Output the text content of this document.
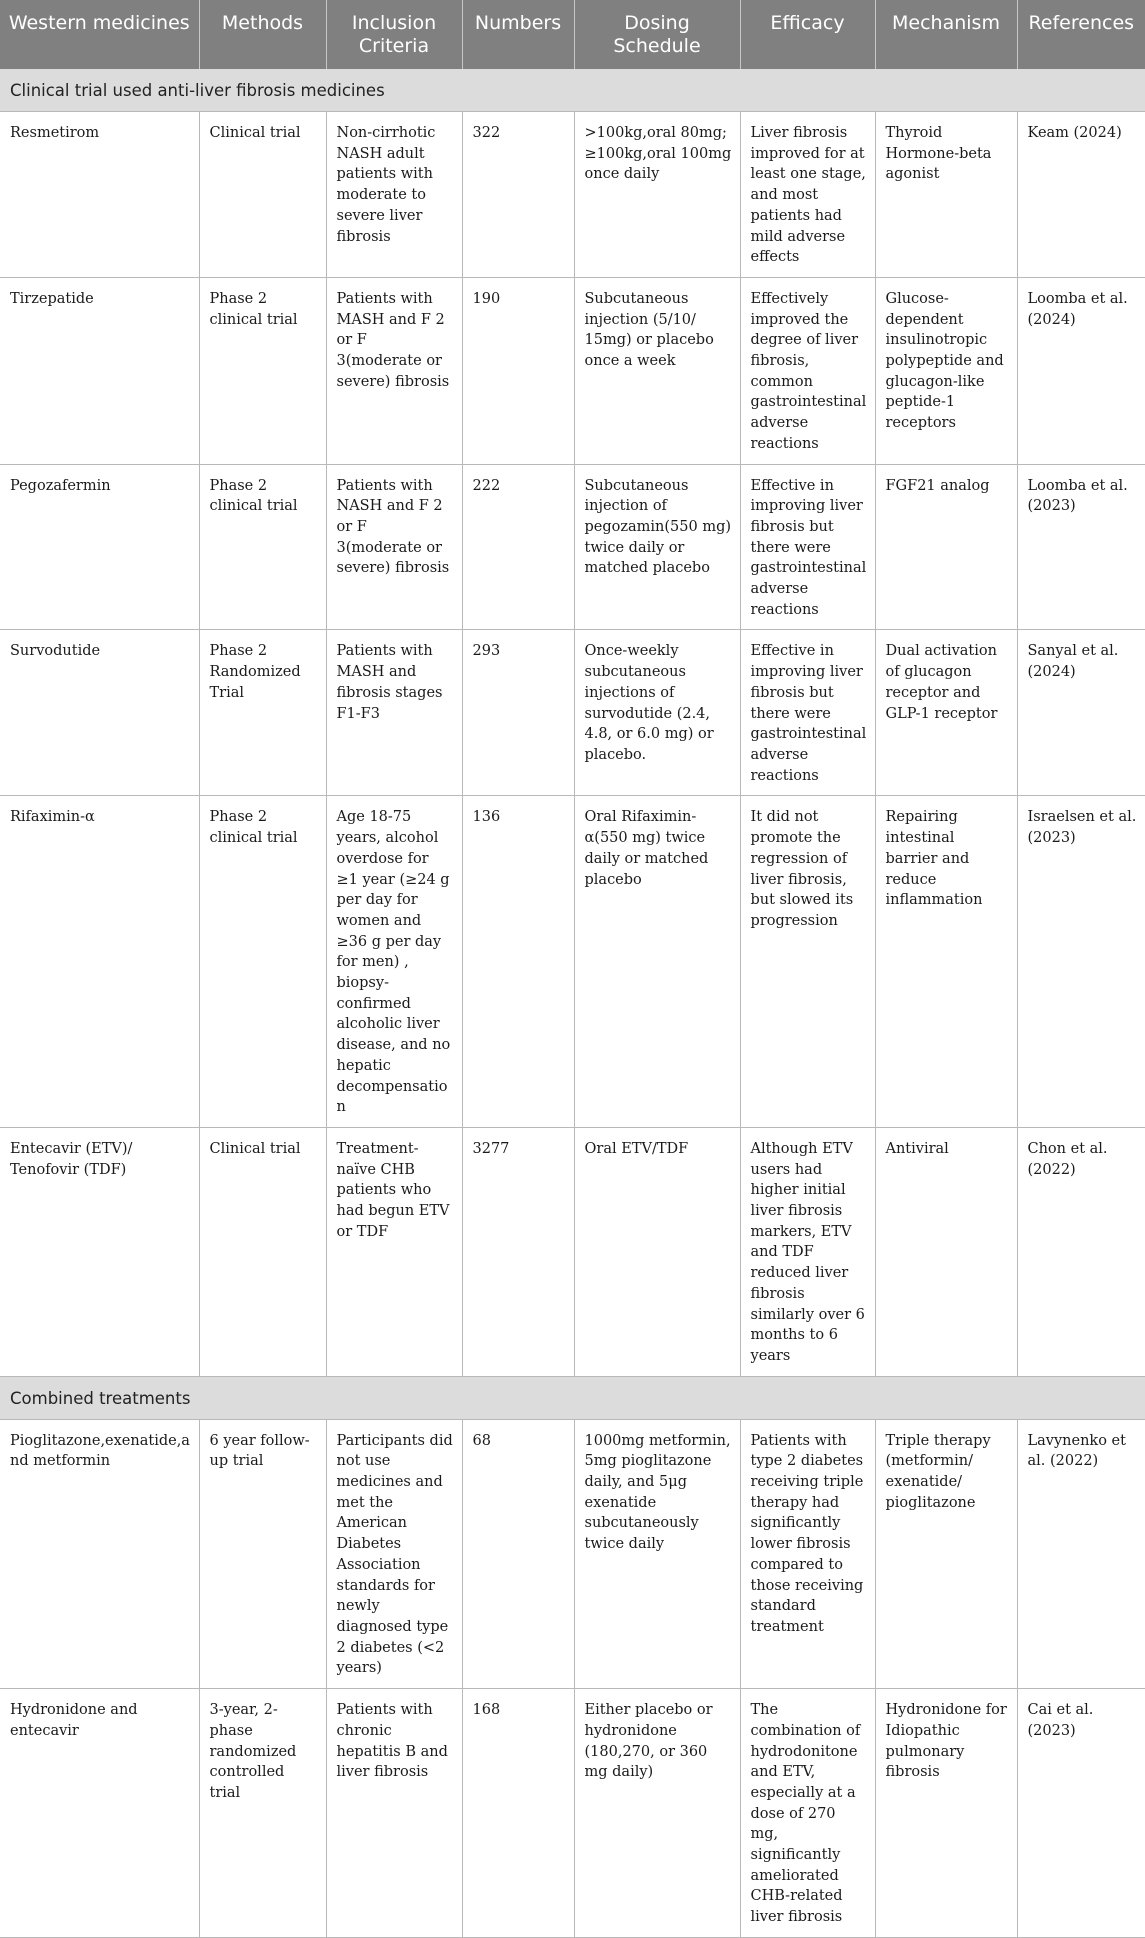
Western medicines	Methods	Inclusion Criteria	Numbers	Dosing Schedule	Efficacy	Mechanism	References
Clinical trial used anti-liver fibrosis medicines							
Resmetirom	Clinical trial	Non-cirrhotic NASH adult patients with moderate to severe liver fibrosis	322	>100kg,oral 80mg; ≥100kg,oral 100mg once daily	Liver fibrosis improved for at least one stage, and most patients had mild adverse effects	Thyroid Hormone-beta agonist	Keam (2024)
Tirzepatide	Phase 2 clinical trial	Patients with MASH and F 2 or F 3(moderate or severe) fibrosis	190	Subcutaneous injection (5/10/ 15mg) or placebo once a week	Effectively improved the degree of liver fibrosis, common gastrointestinal adverse reactions	Glucose-dependent insulinotropic polypeptide and glucagon-like peptide-1 receptors	Loomba et al. (2024)
Pegozafermin	Phase 2 clinical trial	Patients with NASH and F 2 or F 3(moderate or severe) fibrosis	222	Subcutaneous injection of pegozamin(550 mg) twice daily or matched placebo	Effective in improving liver fibrosis but there were gastrointestinal adverse reactions	FGF21 analog	Loomba et al. (2023)
Survodutide	Phase 2 Randomized Trial	Patients with MASH and fibrosis stages F1-F3	293	Once-weekly subcutaneous injections of survodutide (2.4, 4.8, or 6.0 mg) or placebo.	Effective in improving liver fibrosis but there were gastrointestinal adverse reactions	Dual activation of glucagon receptor and GLP-1 receptor	Sanyal et al. (2024)
Rifaximin-α	Phase 2 clinical trial	Age 18-75 years, alcohol overdose for ≥1 year (≥24 g per day for women and ≥36 g per day for men) , biopsy-confirmed alcoholic liver disease, and no hepatic decompensation	136	Oral Rifaximin-α(550 mg) twice daily or matched placebo	It did not promote the regression of liver fibrosis, but slowed its progression	Repairing intestinal barrier and reduce inflammation	Israelsen et al. (2023)
Entecavir (ETV)/ Tenofovir (TDF)	Clinical trial	Treatment-naïve CHB patients who had begun ETV or TDF	3277	Oral ETV/TDF	Although ETV users had higher initial liver fibrosis markers, ETV and TDF reduced liver fibrosis similarly over 6 months to 6 years	Antiviral	Chon et al. (2022)
Combined treatments							
Pioglitazone,exenatide,and metformin	6 year follow-up trial	Participants did not use medicines and met the American Diabetes Association standards for newly diagnosed type 2 diabetes (<2 years)	68	1000mg metformin, 5mg pioglitazone daily, and 5μg exenatide subcutaneously twice daily	Patients with type 2 diabetes receiving triple therapy had significantly lower fibrosis compared to those receiving standard treatment	Triple therapy (metformin/ exenatide/ pioglitazone	Lavynenko et al. (2022)
Hydronidone and entecavir	3-year, 2-phase randomized controlled trial	Patients with chronic hepatitis B and liver fibrosis	168	Either placebo or hydronidone (180,270, or 360 mg daily)	The combination of hydrodonitone and ETV, especially at a dose of 270 mg, significantly ameliorated CHB-related liver fibrosis	Hydronidone for Idiopathic pulmonary fibrosis	Cai et al. (2023)
